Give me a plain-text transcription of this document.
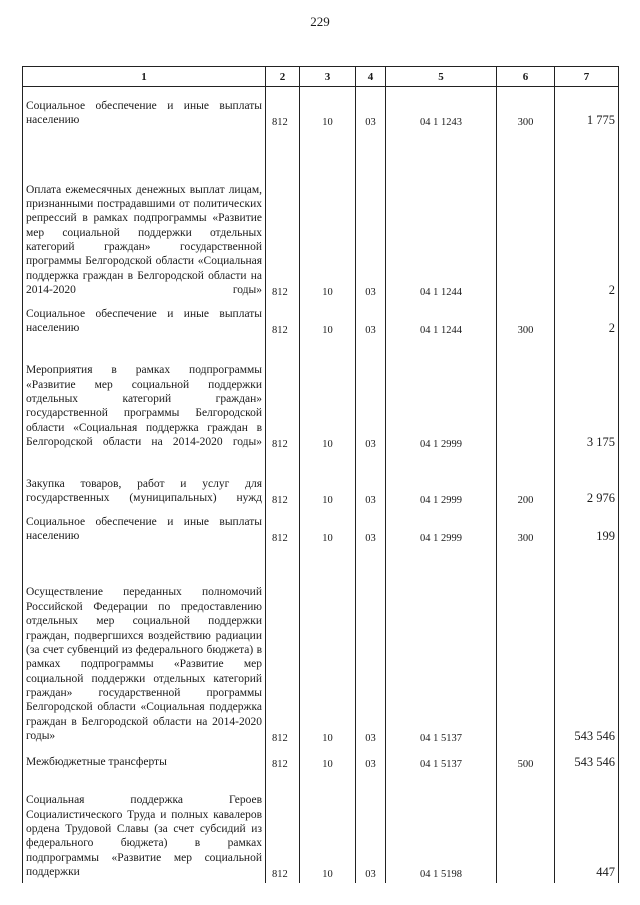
229
1	2	3	4	5	6	7
Социальное обеспечение и иные выплаты населению	812	10	03	04 1 1243	300	1 775
Оплата ежемесячных денежных выплат лицам, признанными пострадавшими от политических репрессий в рамках подпрограммы «Развитие мер социальной поддержки отдельных категорий граждан» государственной программы Белгородской области «Социальная поддержка граждан в Белгородской области на 2014-2020 годы»	812	10	03	04 1 1244		2
Социальное обеспечение и иные выплаты населению	812	10	03	04 1 1244	300	2
Мероприятия в рамках подпрограммы «Развитие мер социальной поддержки отдельных категорий граждан» государственной программы Белгородской области «Социальная поддержка граждан в Белгородской области на 2014-2020 годы»	812	10	03	04 1 2999		3 175
Закупка товаров, работ и услуг для государственных (муниципальных) нужд	812	10	03	04 1 2999	200	2 976
Социальное обеспечение и иные выплаты населению	812	10	03	04 1 2999	300	199
Осуществление переданных полномочий Российской Федерации по предоставлению отдельных мер социальной поддержки граждан, подвергшихся воздействию радиации (за счет субвенций из федерального бюджета) в рамках подпрограммы «Развитие мер социальной поддержки отдельных категорий граждан» государственной программы Белгородской области «Социальная поддержка граждан в Белгородской области на 2014-2020 годы»	812	10	03	04 1 5137		543 546
Межбюджетные трансферты	812	10	03	04 1 5137	500	543 546
Социальная поддержка Героев Социалистического Труда и полных кавалеров ордена Трудовой Славы (за счет субсидий из федерального бюджета) в рамках подпрограммы «Развитие мер социальной поддержки	812	10	03	04 1 5198		447
